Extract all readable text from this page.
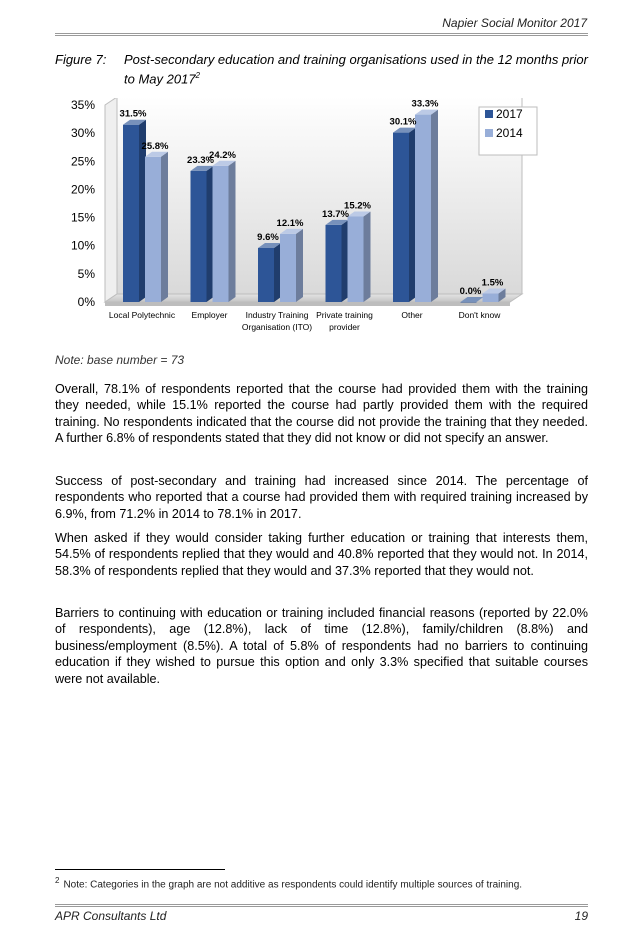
Napier Social Monitor 2017
Figure 7: Post-secondary education and training organisations used in the 12 months prior to May 2017$^2$
0%
5%
10%
15%
20%
25%
30%
35%
31.5%
25.8%
23.3%
24.2%
9.6%
12.1%
13.7%
15.2%
30.1%
33.3%
0.0%
1.5%
Local Polytechnic Employer Industry Training
Organisation (ITO)
Private training
provider
Other	Don't know
2017
2014
Note: base number = 73

Overall, 78.1% of respondents reported that the course had provided them with the training they needed, while 15.1% reported the course had partly provided them with the required training. No respondents indicated that the course did not provide the training that they needed. A further 6.8% of respondents stated that they did not know or did not specify an answer.

Success of post-secondary and training had increased since 2014. The percentage of respondents who reported that a course had provided them with required training increased by 6.9%, from 71.2% in 2014 to 78.1% in 2017.

When asked if they would consider taking further education or training that interests them, 54.5% of respondents replied that they would and 40.8% reported that they would not. In 2014, 58.3% of respondents replied that they would and 37.3% reported that they would not.

Barriers to continuing with education or training included financial reasons (reported by 22.0% of respondents), age (12.8%), lack of time (12.8%), family/children (8.8%) and business/employment (8.5%). A total of 5.8% of respondents had no barriers to continuing education if they wished to pursue this option and only 3.3% specified that suitable courses were not available.

$^2$ Note: Categories in the graph are not additive as respondents could identify multiple sources of training.
APR Consultants Ltd	19
